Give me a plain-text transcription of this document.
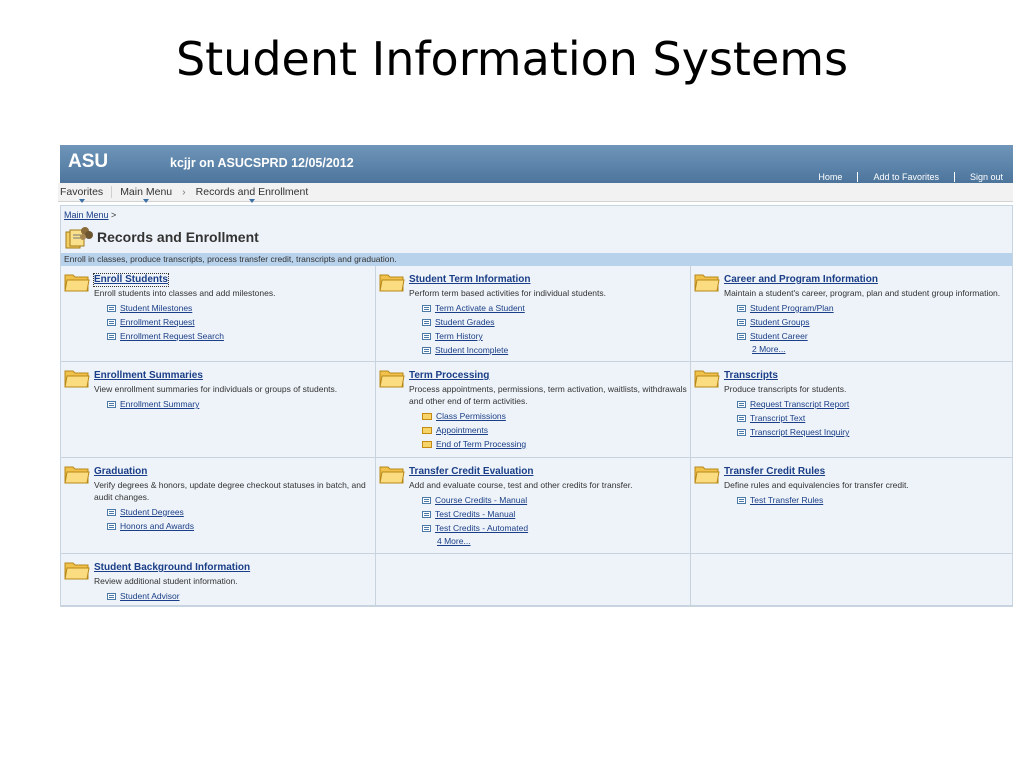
Student Information Systems
ASU	kcjjr on ASUCSPRD 12/05/2012
Home	Add to Favorites	Sign out
Favorites Main Menu › Records and Enrollment
Main Menu >
Records and Enrollment
Enroll in classes, produce transcripts, process transfer credit, transcripts and graduation.
Enroll Students
Enroll students into classes and add milestones.
Student Milestones
Enrollment Request
Enrollment Request Search
Student Term Information
Perform term based activities for individual students.
Term Activate a Student
Student Grades
Term History
Student Incomplete
Career and Program Information
Maintain a student's career, program, plan and student group information.
Student Program/Plan
Student Groups
Student Career
2 More...
Enrollment Summaries
View enrollment summaries for individuals or groups of students.
Enrollment Summary
Term Processing
Process appointments, permissions, term activation, waitlists, withdrawals and other end of term activities.
Class Permissions
Appointments
End of Term Processing
Transcripts
Produce transcripts for students.
Request Transcript Report
Transcript Text
Transcript Request Inquiry
Graduation
Verify degrees & honors, update degree checkout statuses in batch, and audit changes.
Student Degrees
Honors and Awards
Transfer Credit Evaluation
Add and evaluate course, test and other credits for transfer.
Course Credits - Manual
Test Credits - Manual
Test Credits - Automated
4 More...
Transfer Credit Rules
Define rules and equivalencies for transfer credit.
Test Transfer Rules
Student Background Information
Review additional student information.
Student Advisor
